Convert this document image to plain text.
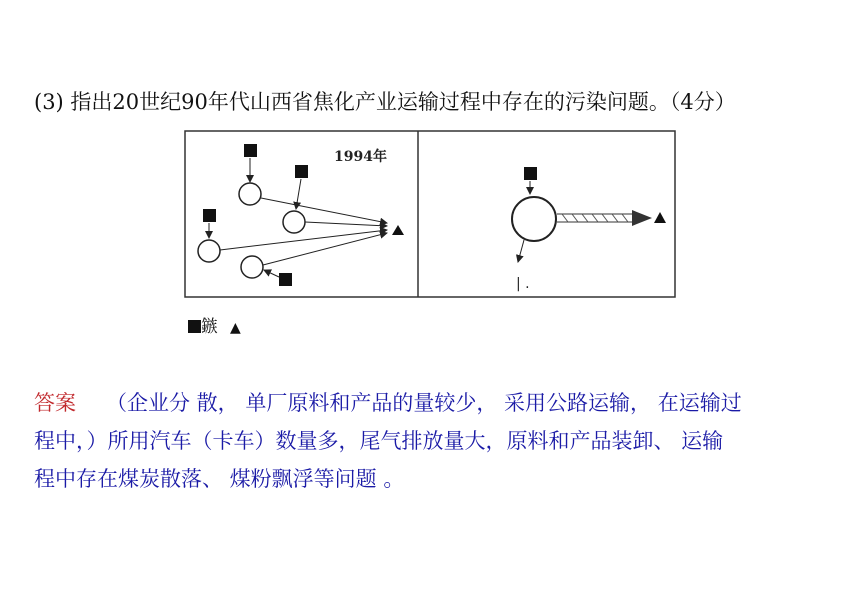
(3) 指出20世纪90年代山西省焦化产业运输过程中存在的污染问题。（4分）
1994年
| .
鏃 ▲
答案 （企业分 散， 单厂原料和产品的量较少， 采用公路运输， 在运输过
程中，）所用汽车（卡车）数量多，尾气排放量大，原料和产品装卸、 运输
程中存在煤炭散落、 煤粉飘浮等问题 。
